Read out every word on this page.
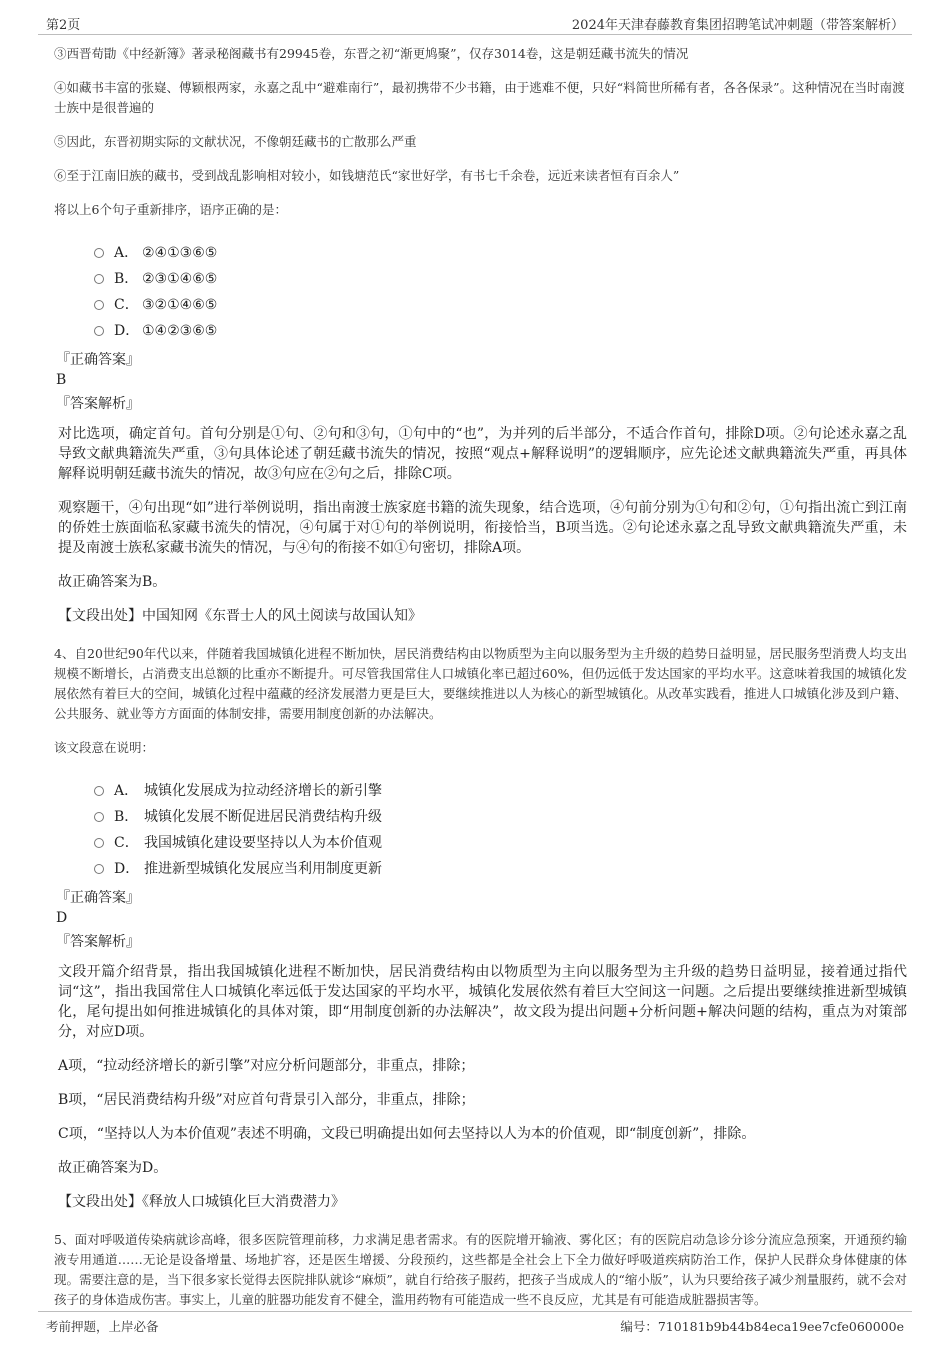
第2页	2024年天津春藤教育集团招聘笔试冲刺题（带答案解析）

③西晋荀勖《中经新簿》著录秘阁藏书有29945卷，东晋之初“渐更鸠聚”，仅存3014卷，这是朝廷藏书流失的情况

④如藏书丰富的张嶷、傅颖根两家，永嘉之乱中“避难南行”，最初携带不少书籍，由于逃难不便，只好“料简世所稀有者，各各保录”。这种情况在当时南渡士族中是很普遍的

⑤因此，东晋初期实际的文献状况，不像朝廷藏书的亡散那么严重

⑥至于江南旧族的藏书，受到战乱影响相对较小，如钱塘范氏“家世好学，有书七千余卷，远近来读者恒有百余人”

将以上6个句子重新排序，语序正确的是：

A． ②④①③⑥⑤
B． ②③①④⑥⑤
C． ③②①④⑥⑤
D． ①④②③⑥⑤
『正确答案』
B
『答案解析』

对比选项，确定首句。首句分别是①句、②句和③句，①句中的“也”，为并列的后半部分，不适合作首句，排除D项。②句论述永嘉之乱导致文献典籍流失严重，③句具体论述了朝廷藏书流失的情况，按照“观点+解释说明”的逻辑顺序，应先论述文献典籍流失严重，再具体解释说明朝廷藏书流失的情况，故③句应在②句之后，排除C项。

观察题干，④句出现“如”进行举例说明，指出南渡士族家庭书籍的流失现象，结合选项，④句前分别为①句和②句，①句指出流亡到江南的侨姓士族面临私家藏书流失的情况，④句属于对①句的举例说明，衔接恰当，B项当选。②句论述永嘉之乱导致文献典籍流失严重，未提及南渡士族私家藏书流失的情况，与④句的衔接不如①句密切，排除A项。

故正确答案为B。

【文段出处】中国知网《东晋士人的风土阅读与故国认知》

4、自20世纪90年代以来，伴随着我国城镇化进程不断加快，居民消费结构由以物质型为主向以服务型为主升级的趋势日益明显，居民服务型消费人均支出规模不断增长，占消费支出总额的比重亦不断提升。可尽管我国常住人口城镇化率已超过60%，但仍远低于发达国家的平均水平。这意味着我国的城镇化发展依然有着巨大的空间，城镇化过程中蕴藏的经济发展潜力更是巨大，要继续推进以人为核心的新型城镇化。从改革实践看，推进人口城镇化涉及到户籍、公共服务、就业等方方面面的体制安排，需要用制度创新的办法解决。

该文段意在说明：

A． 城镇化发展成为拉动经济增长的新引擎
B． 城镇化发展不断促进居民消费结构升级
C． 我国城镇化建设要坚持以人为本价值观
D． 推进新型城镇化发展应当利用制度更新
『正确答案』
D
『答案解析』

文段开篇介绍背景，指出我国城镇化进程不断加快，居民消费结构由以物质型为主向以服务型为主升级的趋势日益明显，接着通过指代词“这”，指出我国常住人口城镇化率远低于发达国家的平均水平，城镇化发展依然有着巨大空间这一问题。之后提出要继续推进新型城镇化，尾句提出如何推进城镇化的具体对策，即“用制度创新的办法解决”，故文段为提出问题+分析问题+解决问题的结构，重点为对策部分，对应D项。

A项，“拉动经济增长的新引擎”对应分析问题部分，非重点，排除；

B项，“居民消费结构升级”对应首句背景引入部分，非重点，排除；

C项，“坚持以人为本价值观”表述不明确，文段已明确提出如何去坚持以人为本的价值观，即“制度创新”，排除。

故正确答案为D。

【文段出处】《释放人口城镇化巨大消费潜力》

5、面对呼吸道传染病就诊高峰，很多医院管理前移，力求满足患者需求。有的医院增开输液、雾化区；有的医院启动急诊分诊分流应急预案，开通预约输液专用通道……无论是设备增量、场地扩容，还是医生增援、分段预约，这些都是全社会上下全力做好呼吸道疾病防治工作，保护人民群众身体健康的体现。需要注意的是，当下很多家长觉得去医院排队就诊“麻烦”，就自行给孩子服药，把孩子当成成人的“缩小版”，认为只要给孩子减少剂量服药，就不会对孩子的身体造成伤害。事实上，儿童的脏器功能发育不健全，滥用药物有可能造成一些不良反应，尤其是有可能造成脏器损害等。

考前押题，上岸必备	编号：710181b9b44b84eca19ee7cfe060000e
